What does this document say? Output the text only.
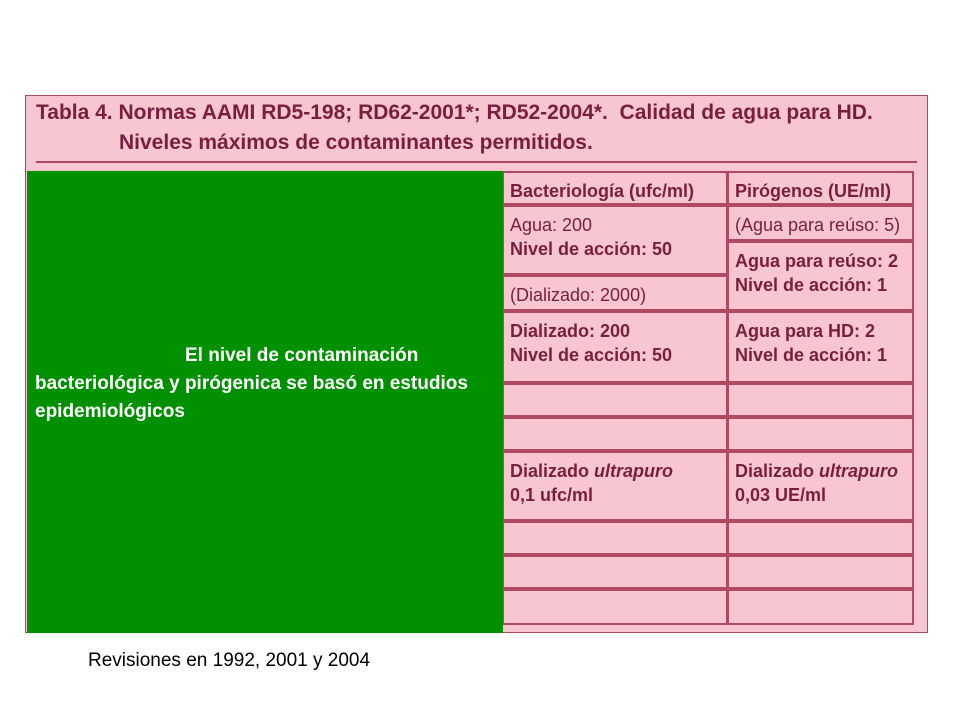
Tabla 4. Normas AAMI RD5-198; RD62-2001*; RD52-2004*.  Calidad de agua para HD.
Niveles máximos de contaminantes permitidos.
Bacteriología (ufc/ml)	Pirógenos (UE/ml)
Agua: 200
Nivel de acción: 50
(Agua para reúso: 5)
(Dializado: 2000)
Agua para reúso: 2
Nivel de acción: 1
Dializado: 200
Nivel de acción: 50
Agua para HD: 2
Nivel de acción: 1
Dializado ultrapuro
0,1 ufc/ml
Dializado ultrapuro
0,03 UE/ml
El nivel de contaminación bacteriológica y pirógenica se basó en estudios epidemiológicos
Revisiones en 1992, 2001 y 2004
